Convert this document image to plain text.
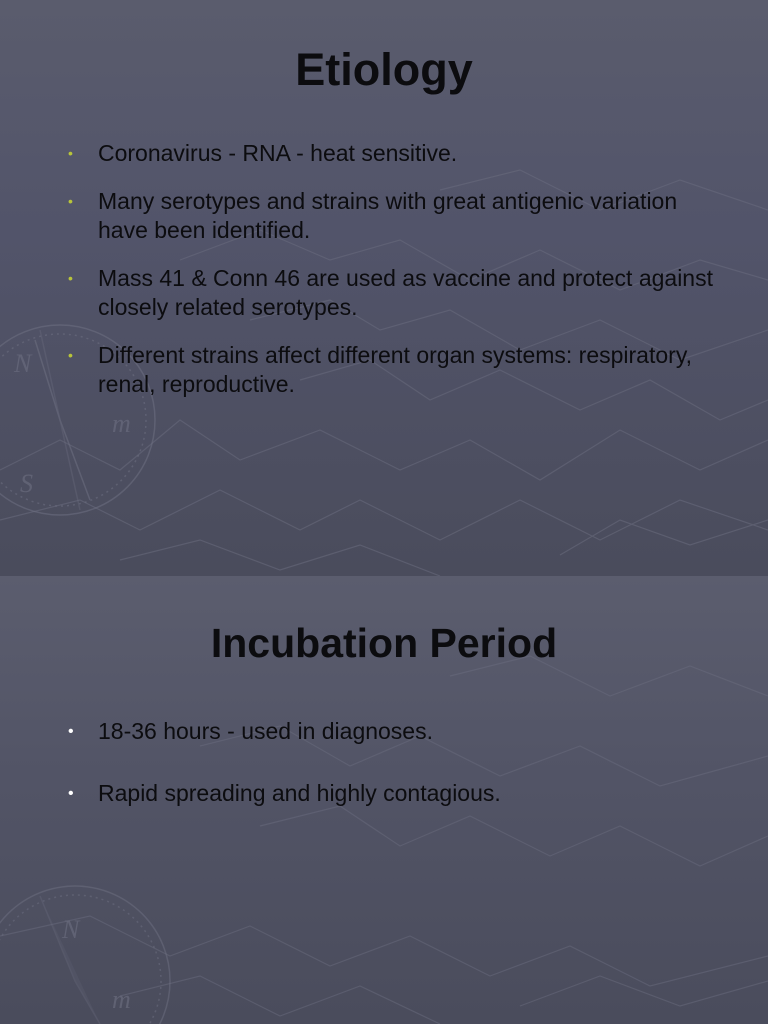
N
S
m
Etiology
• Coronavirus - RNA - heat sensitive.
• Many serotypes and strains with great antigenic variation have been identified.
• Mass 41 & Conn 46 are used as vaccine and protect against closely related serotypes.
• Different strains affect different organ systems: respiratory, renal, reproductive.
N
m
Incubation Period
• 18-36 hours - used in diagnoses.
• Rapid spreading and highly contagious.
